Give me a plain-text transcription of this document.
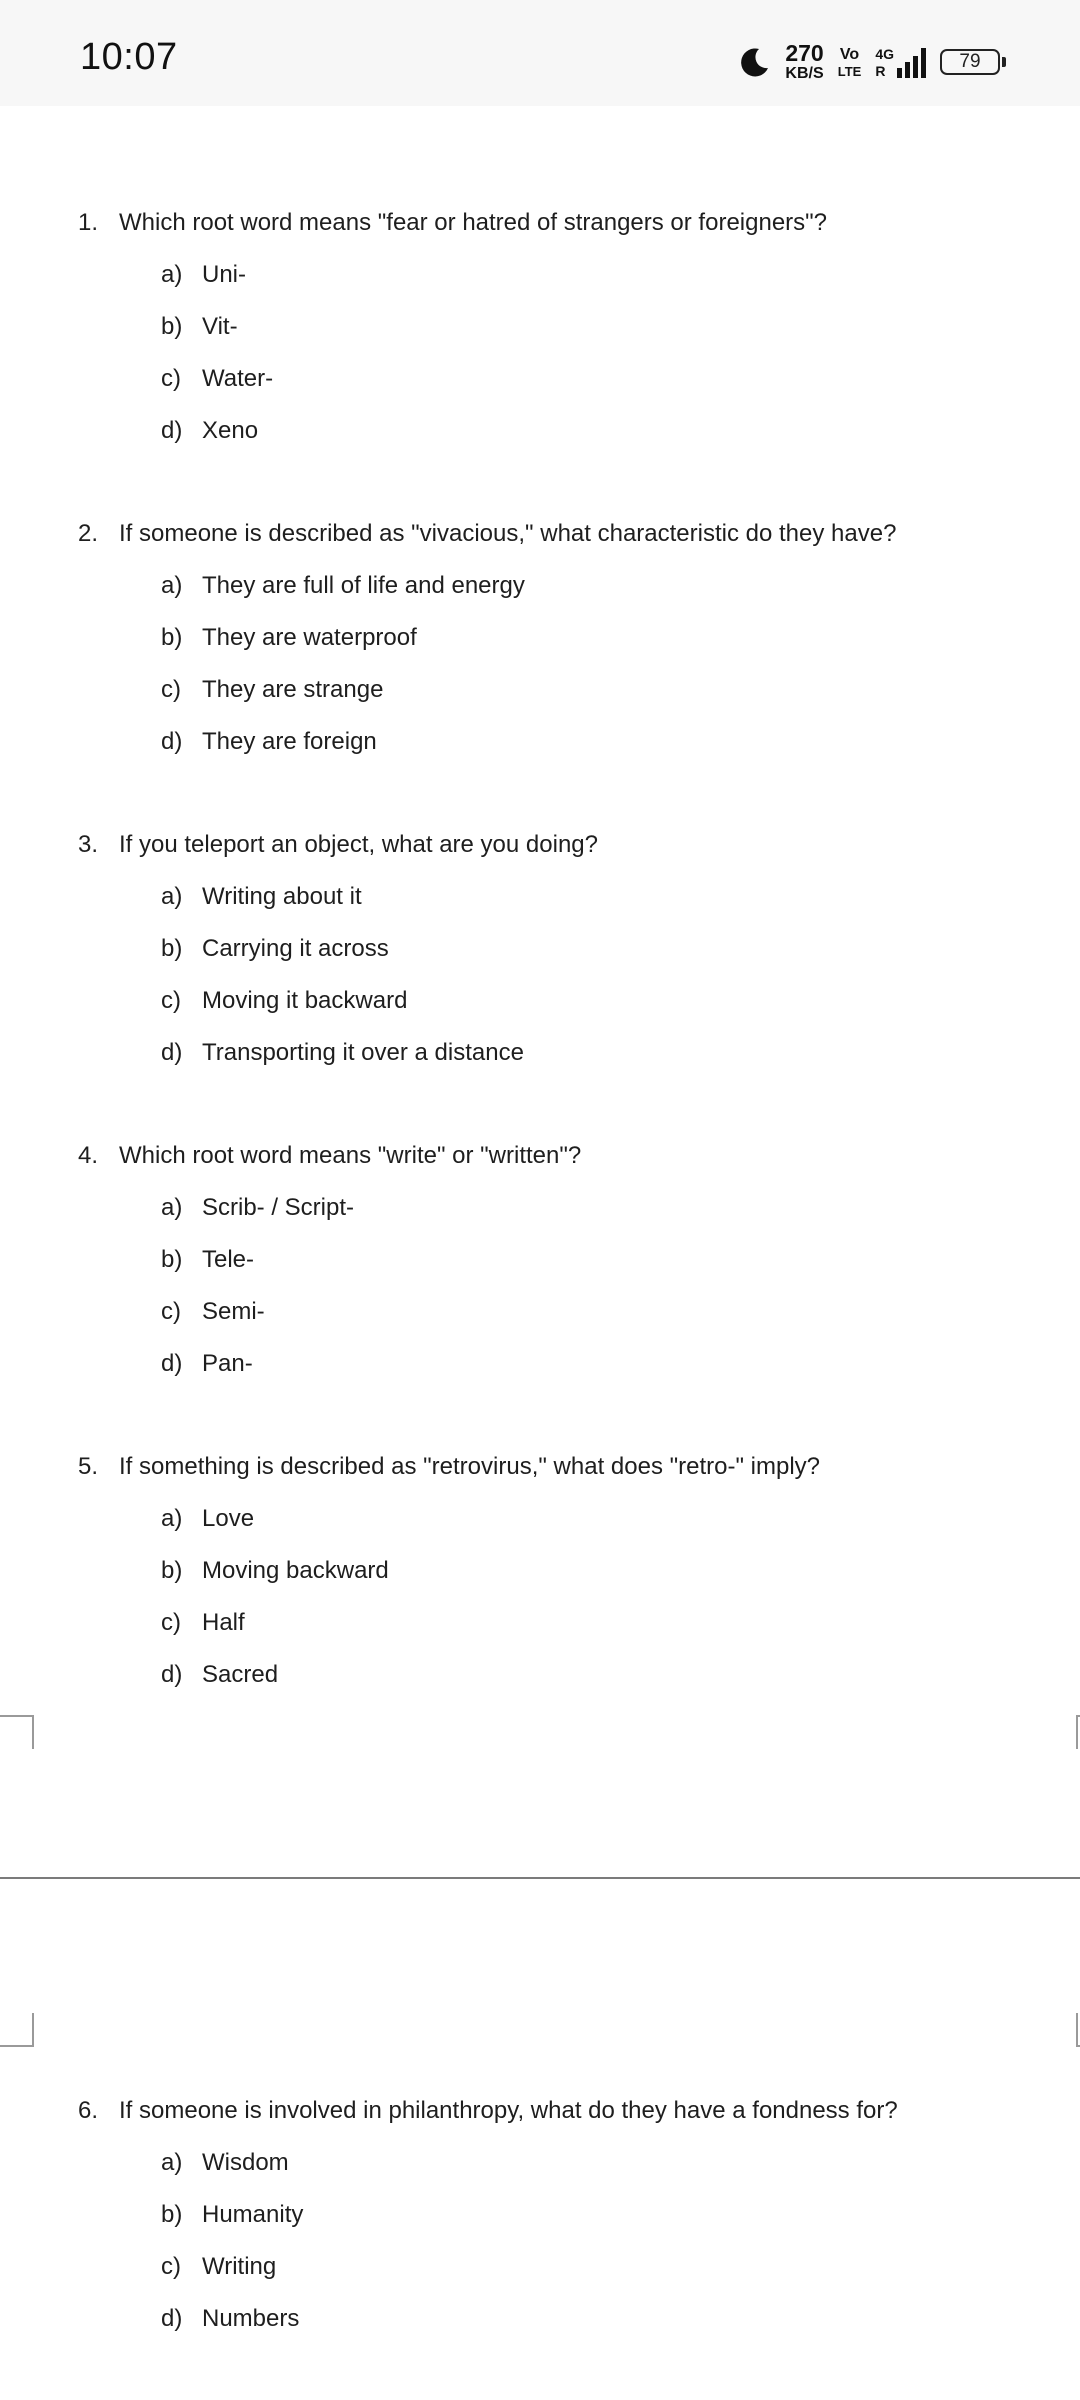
10:07	270
KB/S
Vo
LTE
4G
R	79
1. Which root word means "fear or hatred of strangers or foreigners"?
a) Uni-
b) Vit-
c) Water-
d) Xeno
2. If someone is described as "vivacious," what characteristic do they have?
a) They are full of life and energy
b) They are waterproof
c) They are strange
d) They are foreign
3. If you teleport an object, what are you doing?
a) Writing about it
b) Carrying it across
c) Moving it backward
d) Transporting it over a distance
4. Which root word means "write" or "written"?
a) Scrib- / Script-
b) Tele-
c) Semi-
d) Pan-
5. If something is described as "retrovirus," what does "retro-" imply?
a) Love
b) Moving backward
c) Half
d) Sacred
6. If someone is involved in philanthropy, what do they have a fondness for?
a) Wisdom
b) Humanity
c) Writing
d) Numbers
